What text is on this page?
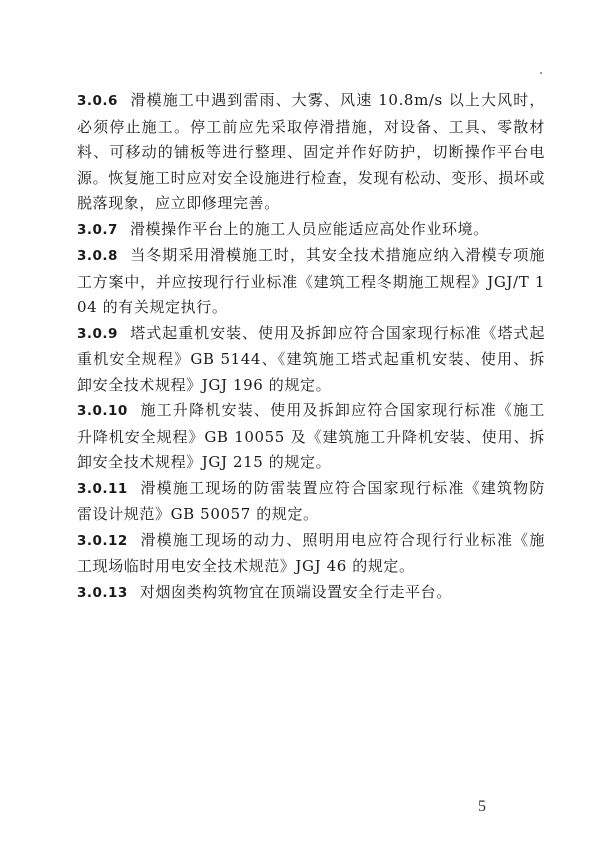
3.0.6 滑模施工中遇到雷雨、大雾、风速 10.8m/s 以上大风时，必须停止施工。停工前应先采取停滑措施，对设备、工具、零散材料、可移动的铺板等进行整理、固定并作好防护，切断操作平台电源。恢复施工时应对安全设施进行检查，发现有松动、变形、损坏或脱落现象，应立即修理完善。

3.0.7 滑模操作平台上的施工人员应能适应高处作业环境。

3.0.8 当冬期采用滑模施工时，其安全技术措施应纳入滑模专项施工方案中，并应按现行行业标准《建筑工程冬期施工规程》JGJ/T 104 的有关规定执行。

3.0.9 塔式起重机安装、使用及拆卸应符合国家现行标准《塔式起重机安全规程》GB 5144、《建筑施工塔式起重机安装、使用、拆卸安全技术规程》JGJ 196 的规定。

3.0.10 施工升降机安装、使用及拆卸应符合国家现行标准《施工升降机安全规程》GB 10055 及《建筑施工升降机安装、使用、拆卸安全技术规程》JGJ 215 的规定。

3.0.11 滑模施工现场的防雷装置应符合国家现行标准《建筑物防雷设计规范》GB 50057 的规定。

3.0.12 滑模施工现场的动力、照明用电应符合现行行业标准《施工现场临时用电安全技术规范》JGJ 46 的规定。

3.0.13 对烟囱类构筑物宜在顶端设置安全行走平台。

5
